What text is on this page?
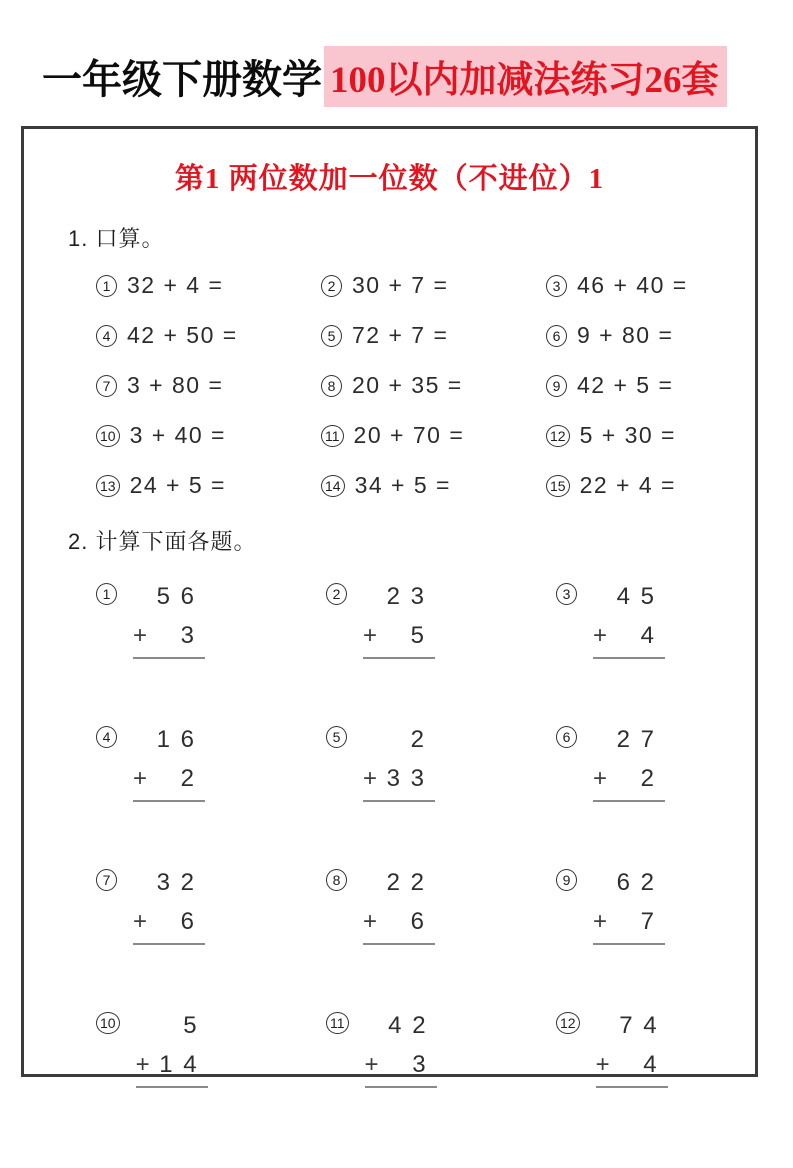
一年级下册数学 100以内加减法练习26套
第1 两位数加一位数（不进位）1
1. 口算。
1 32 + 4 =	2 30 + 7 =	3 46 + 40 =
4 42 + 50 =	5 72 + 7 =	6 9 + 80 =
7 3 + 80 =	8 20 + 35 =	9 42 + 5 =
10 3 + 40 =	11 20 + 70 =	12 5 + 30 =
13 24 + 5 =	14 34 + 5 =	15 22 + 4 =
2. 计算下面各题。
1	5 6
+ 3
2	2 3
+ 5
3	4 5
+ 4
4	1 6
+ 2
5	2
+ 3 3
6	2 7
+ 2
7	3 2
+ 6
8	2 2
+ 6
9	6 2
+ 7
10	5
+ 1 4
11	4 2
+ 3
12	7 4
+ 4
